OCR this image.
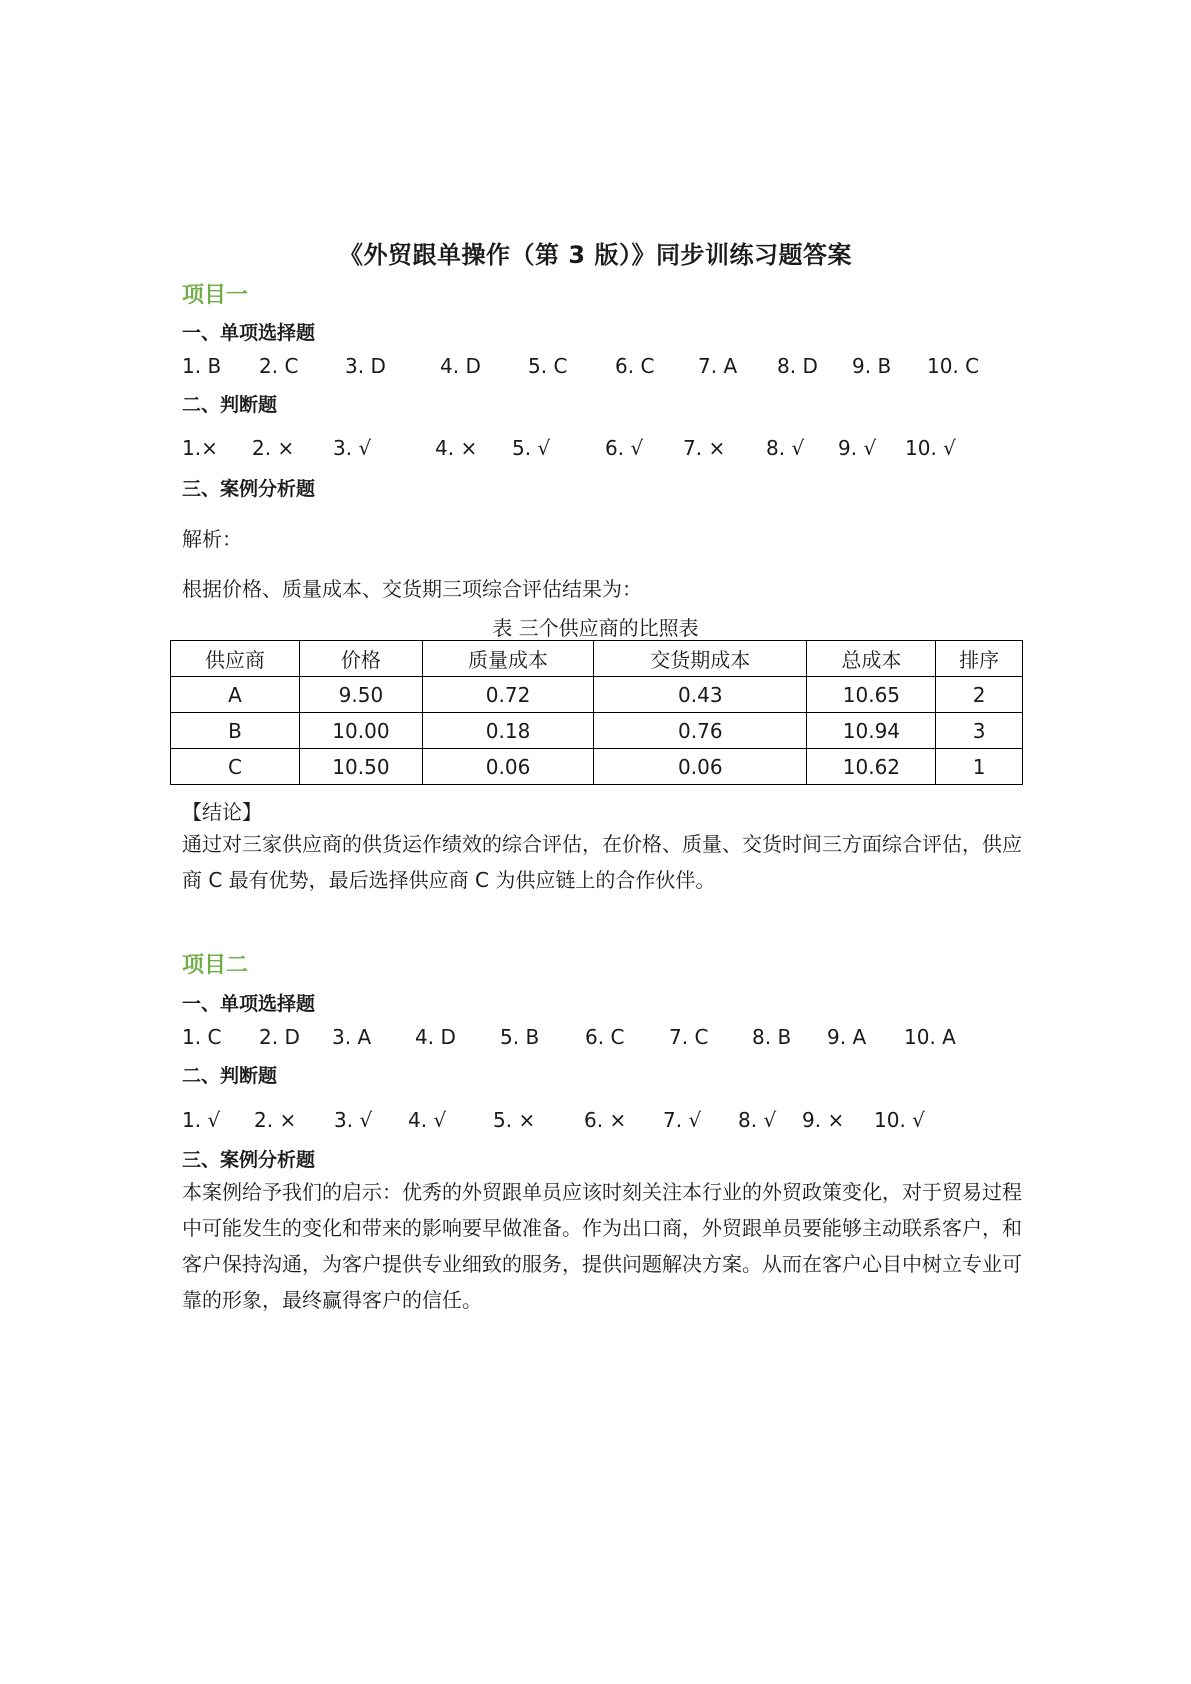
《外贸跟单操作（第 3 版）》同步训练习题答案
项目一
一、单项选择题
1. B 2. C 3. D	4. D 5. C 6. C 7. A 8. D 9. B 10. C
二、判断题
1.× 2. × 3. √	4. × 5. √	6. √ 7. × 8. √ 9. √ 10. √
三、案例分析题
解析：
根据价格、质量成本、交货期三项综合评估结果为：
表 三个供应商的比照表
供应商	价格	质量成本	交货期成本	总成本	排序
A	9.50	0.72	0.43	10.65	2
B	10.00	0.18	0.76	10.94	3
C	10.50	0.06	0.06	10.62	1
【结论】
通过对三家供应商的供货运作绩效的综合评估，在价格、质量、交货时间三方面综合评估，供应商 C 最有优势，最后选择供应商 C 为供应链上的合作伙伴。
项目二
一、单项选择题
1. C 2. D 3. A 4. D 5. B 6. C 7. C 8. B 9. A 10. A
二、判断题
1. √ 2. × 3. √ 4. √ 5. × 6. × 7. √ 8. √ 9. × 10. √
三、案例分析题
本案例给予我们的启示：优秀的外贸跟单员应该时刻关注本行业的外贸政策变化，对于贸易过程中可能发生的变化和带来的影响要早做准备。作为出口商，外贸跟单员要能够主动联系客户，和客户保持沟通，为客户提供专业细致的服务，提供问题解决方案。从而在客户心目中树立专业可靠的形象，最终赢得客户的信任。
